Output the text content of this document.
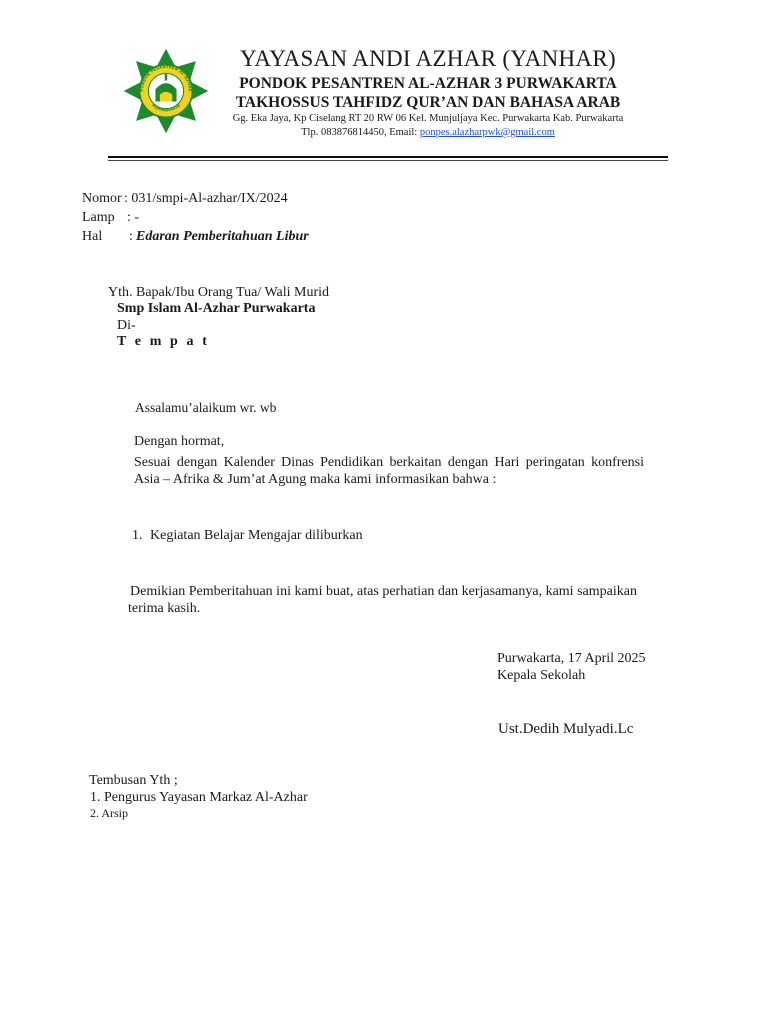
PONDOK PESANTREN AL-AZHAR
PURWAKARTA
YAYASAN ANDI AZHAR (YANHAR)
PONDOK PESANTREN AL-AZHAR 3 PURWAKARTA
TAKHOSSUS TAHFIDZ QUR’AN DAN BAHASA ARAB
Gg. Eka Jaya, Kp Ciselang RT 20 RW 06 Kel. Munjuljaya Kec. Purwakarta Kab. Purwakarta
Tlp. 083876814450, Email: ponpes.alazharpwk@gmail.com
Nomor : 031/smpi-Al-azhar/IX/2024
Lamp : -
Hal : Edaran Pemberitahuan Libur
Yth. Bapak/Ibu Orang Tua/ Wali Murid
Smp Islam Al-Azhar Purwakarta
Di-
T e m p a t
Assalamu’alaikum wr. wb
Dengan hormat,
Sesuai dengan Kalender Dinas Pendidikan berkaitan dengan Hari peringatan konfrensi
Asia – Afrika & Jum’at Agung maka kami informasikan bahwa :
1. Kegiatan Belajar Mengajar diliburkan
Demikian Pemberitahuan ini kami buat, atas perhatian dan kerjasamanya, kami sampaikan
terima kasih.
Purwakarta, 17 April 2025
Kepala Sekolah
Ust.Dedih Mulyadi.Lc
Tembusan Yth ;
1. Pengurus Yayasan Markaz Al-Azhar
2. Arsip
